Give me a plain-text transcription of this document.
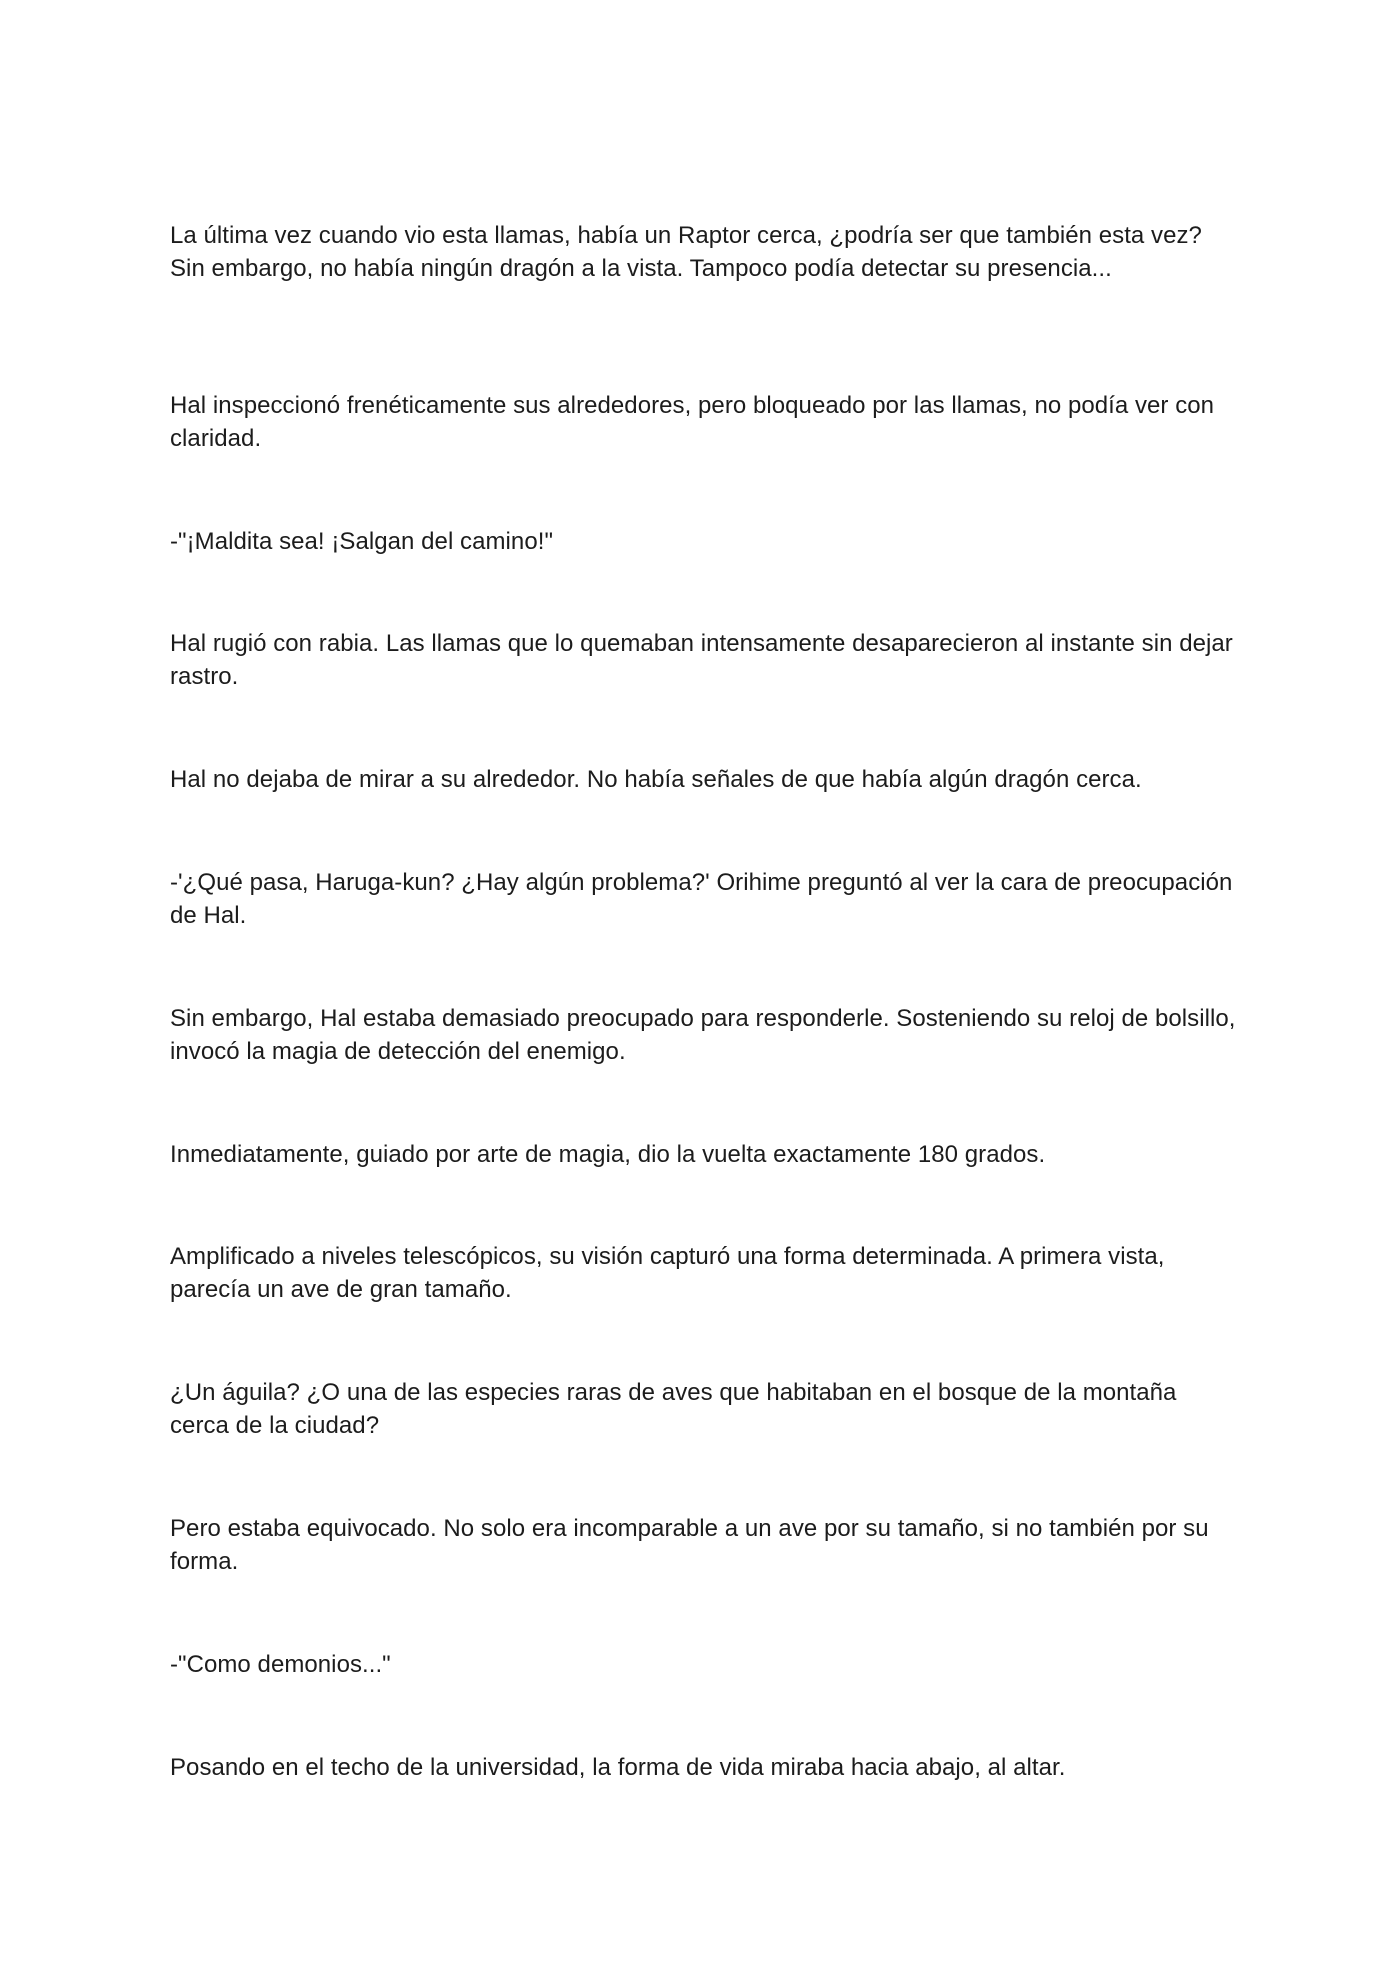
La última vez cuando vio esta llamas, había un Raptor cerca, ¿podría ser que también esta vez? Sin embargo, no había ningún dragón a la vista. Tampoco podía detectar su presencia...

Hal inspeccionó frenéticamente sus alrededores, pero bloqueado por las llamas, no podía ver con claridad.

-"¡Maldita sea! ¡Salgan del camino!"

Hal rugió con rabia. Las llamas que lo quemaban intensamente desaparecieron al instante sin dejar rastro.

Hal no dejaba de mirar a su alrededor. No había señales de que había algún dragón cerca.

-'¿Qué pasa, Haruga-kun? ¿Hay algún problema?' Orihime preguntó al ver la cara de preocupación de Hal.

Sin embargo, Hal estaba demasiado preocupado para responderle. Sosteniendo su reloj de bolsillo, invocó la magia de detección del enemigo.

Inmediatamente, guiado por arte de magia, dio la vuelta exactamente 180 grados.

Amplificado a niveles telescópicos, su visión capturó una forma determinada. A primera vista, parecía un ave de gran tamaño.

¿Un águila? ¿O una de las especies raras de aves que habitaban en el bosque de la montaña cerca de la ciudad?

Pero estaba equivocado. No solo era incomparable a un ave por su tamaño, si no también por su forma.

-"Como demonios..."

Posando en el techo de la universidad, la forma de vida miraba hacia abajo, al altar.
